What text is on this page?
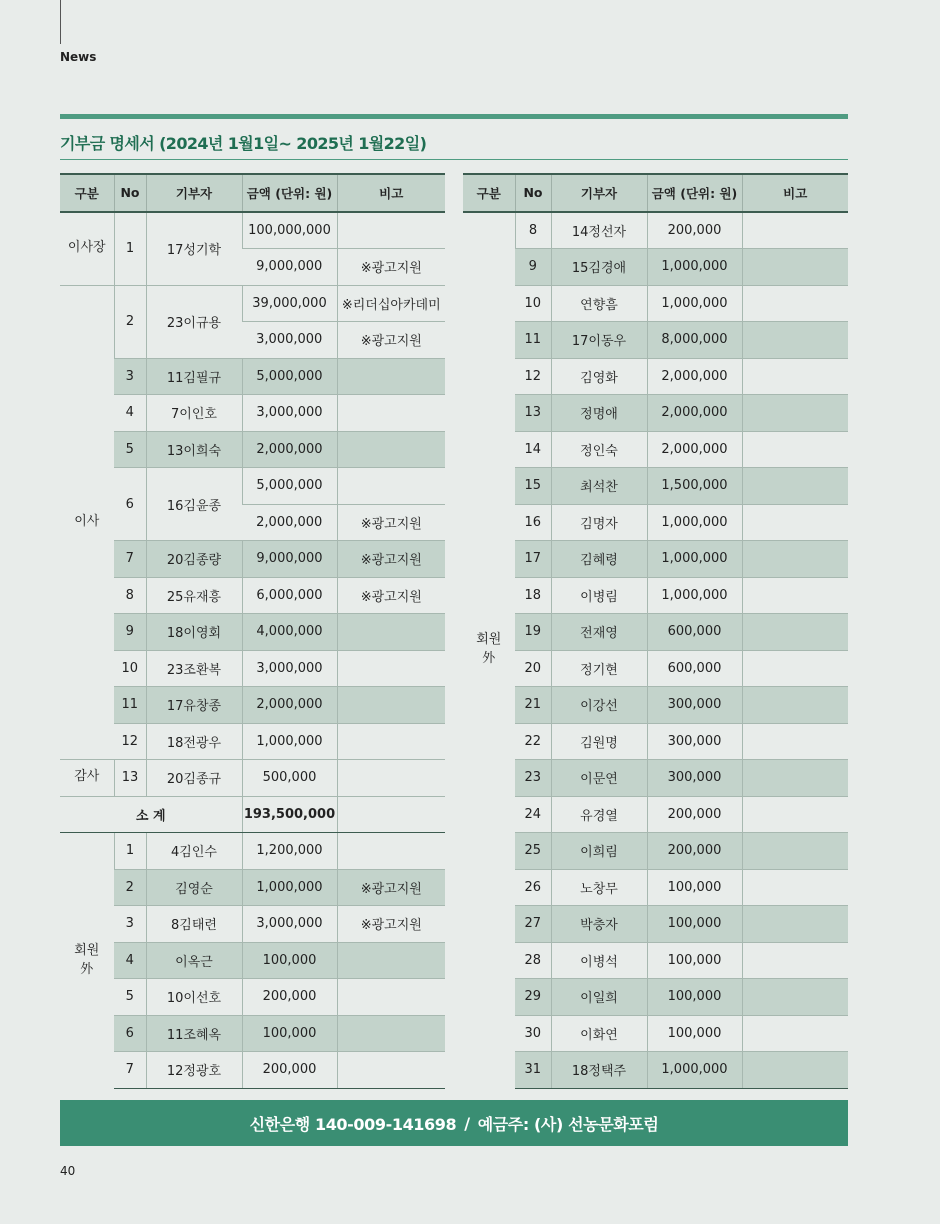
News
기부금 명세서 (2024년 1월1일~ 2025년 1월22일)
구분	No	기부자	금액 (단위: 원)	비고
이사장	1	17성기학	100,000,000	
			9,000,000	※광고지원
이사	2	23이규용	39,000,000	※리더십아카데미
			3,000,000	※광고지원
	3	11김필규	5,000,000	
	4	7이인호	3,000,000	
	5	13이희숙	2,000,000	
	6	16김윤종	5,000,000	
			2,000,000	※광고지원
	7	20김종량	9,000,000	※광고지원
	8	25유재흥	6,000,000	※광고지원
	9	18이영회	4,000,000	
	10	23조환복	3,000,000	
	11	17유창종	2,000,000	
	12	18전광우	1,000,000	
감사	13	20김종규	500,000	
소 계			193,500,000	
회원
外	1	4김인수	1,200,000	
	2	김영순	1,000,000	※광고지원
	3	8김태련	3,000,000	※광고지원
	4	이옥근	100,000	
	5	10이선호	200,000	
	6	11조혜옥	100,000	
	7	12정광호	200,000	
구분	No	기부자	금액 (단위: 원)	비고
회원
外	8	14정선자	200,000	
	9	15김경애	1,000,000	
	10	연향흠	1,000,000	
	11	17이동우	8,000,000	
	12	김영화	2,000,000	
	13	정명애	2,000,000	
	14	정인숙	2,000,000	
	15	최석찬	1,500,000	
	16	김명자	1,000,000	
	17	김혜령	1,000,000	
	18	이병림	1,000,000	
	19	전재영	600,000	
	20	정기현	600,000	
	21	이강선	300,000	
	22	김원명	300,000	
	23	이문연	300,000	
	24	유경열	200,000	
	25	이희림	200,000	
	26	노창무	100,000	
	27	박충자	100,000	
	28	이병석	100,000	
	29	이일희	100,000	
	30	이화연	100,000	
	31	18정택주	1,000,000	
신한은행 140-009-141698 / 예금주: (사) 선농문화포럼
40
